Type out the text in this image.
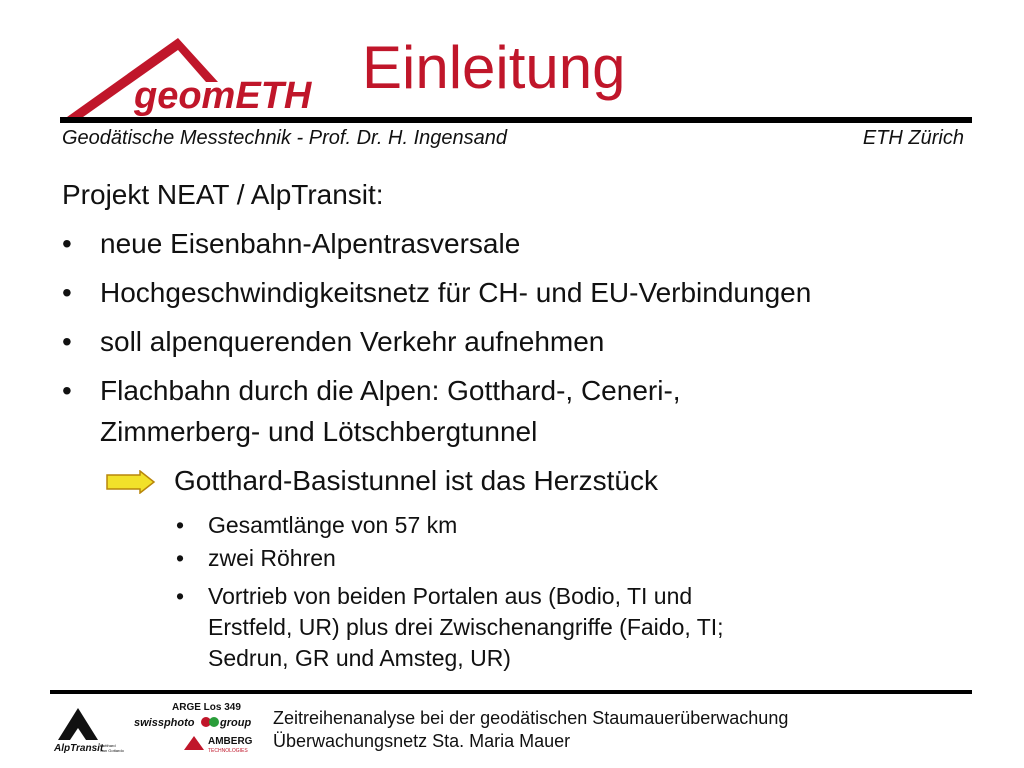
geomETH Einleitung
Geodätische Messtechnik - Prof. Dr. H. Ingensand	ETH Zürich
Projekt NEAT / AlpTransit:
• neue Eisenbahn-Alpentrasversale
• Hochgeschwindigkeitsnetz für CH- und EU-Verbindungen
• soll alpenquerenden Verkehr aufnehmen
• Flachbahn durch die Alpen: Gotthard-, Ceneri-,
Zimmerberg- und Lötschbergtunnel
Gotthard-Basistunnel ist das Herzstück
• Gesamtlänge von 57 km
• zwei Röhren
• Vortrieb von beiden Portalen aus (Bodio, TI und
Erstfeld, UR) plus drei Zwischenangriffe (Faido, TI;
Sedrun, GR und Amsteg, UR)
AlpTransit
Gotthard
San Gottardo
ARGE Los 349
swissphoto group
AMBERG
TECHNOLOGIES
Zeitreihenanalyse bei der geodätischen Staumauerüberwachung
Überwachungsnetz Sta. Maria Mauer
